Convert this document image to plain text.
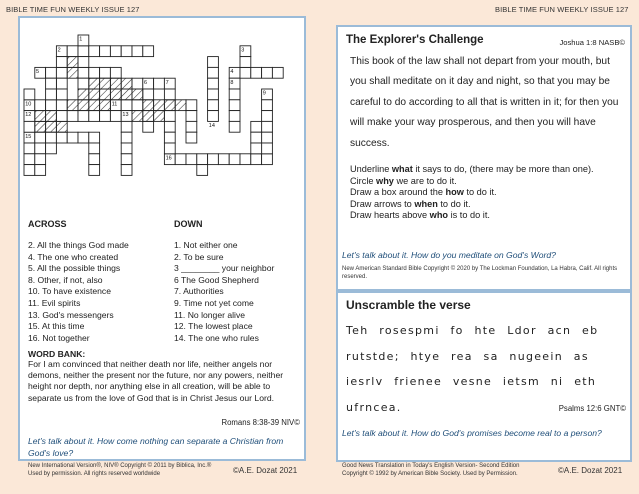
BIBLE TIME FUN WEEKLY ISSUE 127	BIBLE TIME FUN WEEKLY ISSUE 127
1
2	3
4
5
6	7	8
9
10	11
12	13
14
15
16
ACROSS	DOWN
2. All the things God made
4. The one who created
5. All the possible things
8. Other, if not, also
10. To have existence
11. Evil spirits
13. God's messengers
15. At this time
16. Not together
1. Not either one
2. To be sure
3 ________ your neighbor
6 The Good Shepherd
7. Authorities
9. Time not yet come
11. No longer alive
12. The lowest place
14. The one who rules
WORD BANK:
For I am convinced that neither death nor life, neither angels nor demons, neither the present nor the future, nor any powers, neither height nor depth, nor anything else in all creation, will be able to separate us from the love of God that is in Christ Jesus our Lord.
Romans 8:38-39 NIV©
Let's talk about it. How come nothing can separate a Christian from God's love?
New International Version®, NIV® Copyright © 2011 by Biblica, Inc.®
Used by permission. All rights reserved worldwide	©A.E. Dozat 2021
The Explorer's Challenge	Joshua 1:8 NASB©
This book of the law shall not depart from your mouth, but you shall meditate on it day and night, so that you may be careful to do according to all that is written in it; for then you will make your way prosperous, and then you will have success.
Underline what it says to do, (there may be more than one).
Circle why we are to do it.
Draw a box around the how to do it.
Draw arrows to when to do it.
Draw hearts above who is to do it.
Let's talk about it. How do you meditate on God's Word?
New American Standard Bible Copyright © 2020 by The Lockman Foundation, La Habra, Calif. All rights reserved.
Unscramble the verse
Teh rosespmi fo hte Ldor acn eb
rutstde; htye rea sa nugeein as
iesrlv frienee vesne ietsm ni eth
ufrncea.	Psalms 12:6 GNT©
Let's talk about it. How do God's promises become real to a person?
Good News Translation in Today's English Version- Second Edition
Copyright © 1992 by American Bible Society. Used by Permission.	©A.E. Dozat 2021
